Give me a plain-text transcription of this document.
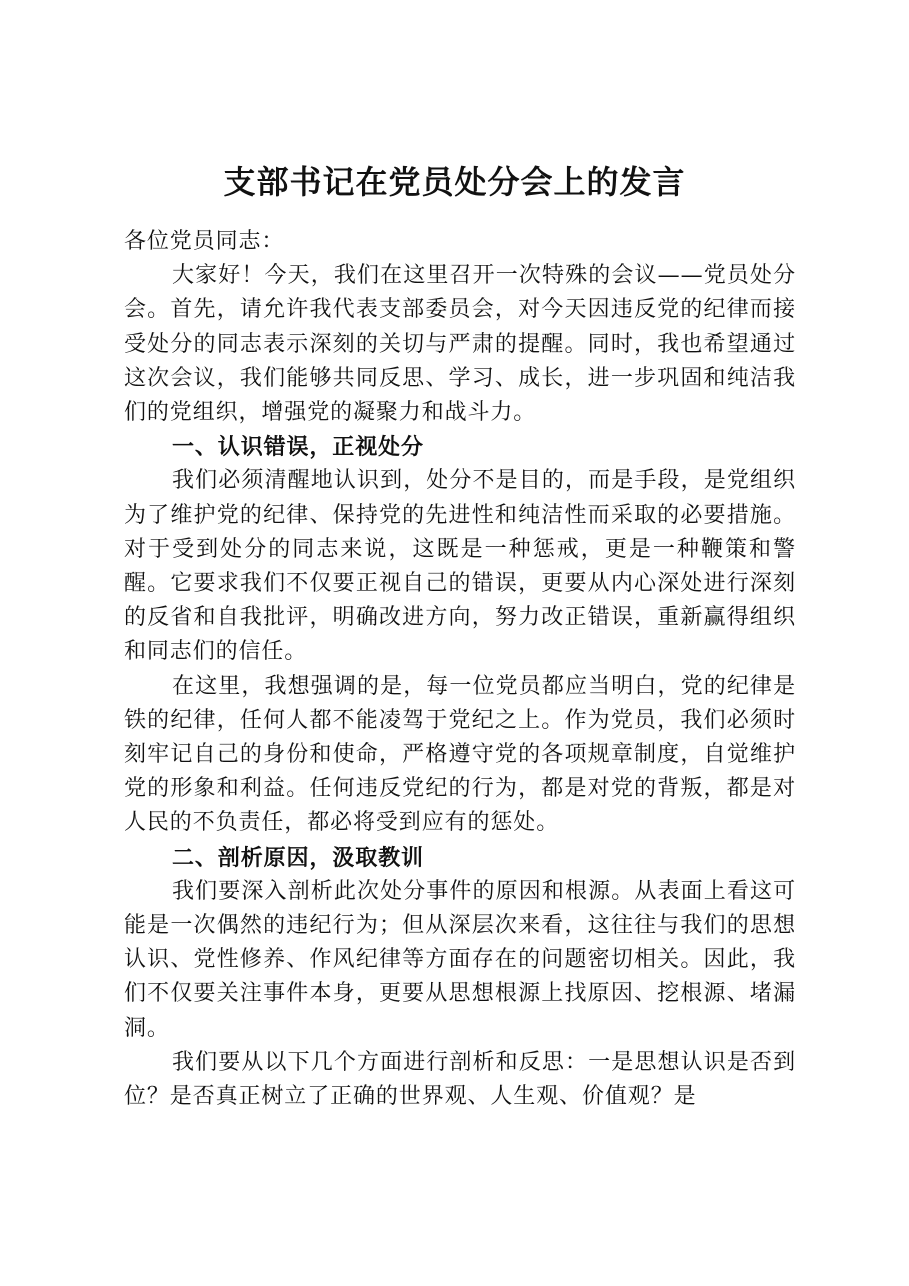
支部书记在党员处分会上的发言

各位党员同志：

大家好！今天，我们在这里召开一次特殊的会议——党员处分会。首先，请允许我代表支部委员会，对今天因违反党的纪律而接受处分的同志表示深刻的关切与严肃的提醒。同时，我也希望通过这次会议，我们能够共同反思、学习、成长，进一步巩固和纯洁我们的党组织，增强党的凝聚力和战斗力。

一、认识错误，正视处分

我们必须清醒地认识到，处分不是目的，而是手段，是党组织为了维护党的纪律、保持党的先进性和纯洁性而采取的必要措施。对于受到处分的同志来说，这既是一种惩戒，更是一种鞭策和警醒。它要求我们不仅要正视自己的错误，更要从内心深处进行深刻的反省和自我批评，明确改进方向，努力改正错误，重新赢得组织和同志们的信任。

在这里，我想强调的是，每一位党员都应当明白，党的纪律是铁的纪律，任何人都不能凌驾于党纪之上。作为党员，我们必须时刻牢记自己的身份和使命，严格遵守党的各项规章制度，自觉维护党的形象和利益。任何违反党纪的行为，都是对党的背叛，都是对人民的不负责任，都必将受到应有的惩处。

二、剖析原因，汲取教训

我们要深入剖析此次处分事件的原因和根源。从表面上看这可能是一次偶然的违纪行为；但从深层次来看，这往往与我们的思想认识、党性修养、作风纪律等方面存在的问题密切相关。因此，我们不仅要关注事件本身，更要从思想根源上找原因、挖根源、堵漏洞。

我们要从以下几个方面进行剖析和反思：一是思想认识是否到位？是否真正树立了正确的世界观、人生观、价值观？是
